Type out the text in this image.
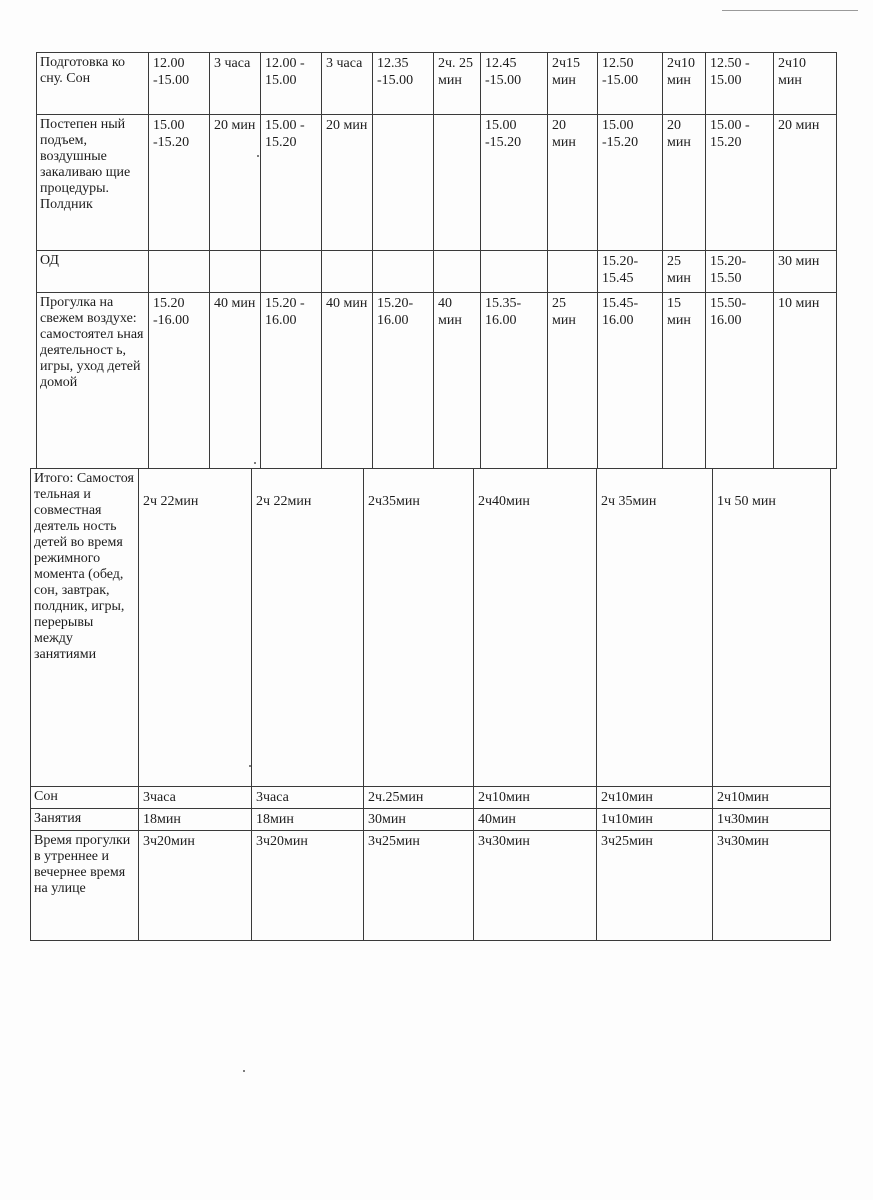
Подготовка ко сну. Сон	12.00 -15.00	3 часа	12.00 - 15.00	3 часа	12.35 -15.00	2ч. 25 мин	12.45 -15.00	2ч15 мин	12.50 -15.00	2ч10 мин	12.50 - 15.00	2ч10 мин
Постепен ный подъем, воздушные закаливаю щие процедуры. Полдник	15.00 -15.20	20 мин	15.00 - 15.20	20 мин			15.00 -15.20	20 мин	15.00 -15.20	20 мин	15.00 - 15.20	20 мин
ОД									15.20- 15.45	25 мин	15.20- 15.50	30 мин
Прогулка на свежем воздухе: самостоятел ьная деятельност ь, игры, уход детей домой	15.20 -16.00	40 мин	15.20 - 16.00	40 мин	15.20- 16.00	40 мин	15.35- 16.00	25 мин	15.45- 16.00	15 мин	15.50- 16.00	10 мин
Итого: Самостоя тельная и совместная деятель ность детей во время режимного момента (обед, сон, завтрак, полдник, игры, перерывы между занятиями	2ч 22мин	2ч 22мин	2ч35мин	2ч40мин	2ч 35мин	1ч 50 мин
Сон	3часа	3часа	2ч.25мин	2ч10мин	2ч10мин	2ч10мин
Занятия	18мин	18мин	30мин	40мин	1ч10мин	1ч30мин
Время прогулки в утреннее и вечернее время на улице	3ч20мин	3ч20мин	3ч25мин	3ч30мин	3ч25мин	3ч30мин
